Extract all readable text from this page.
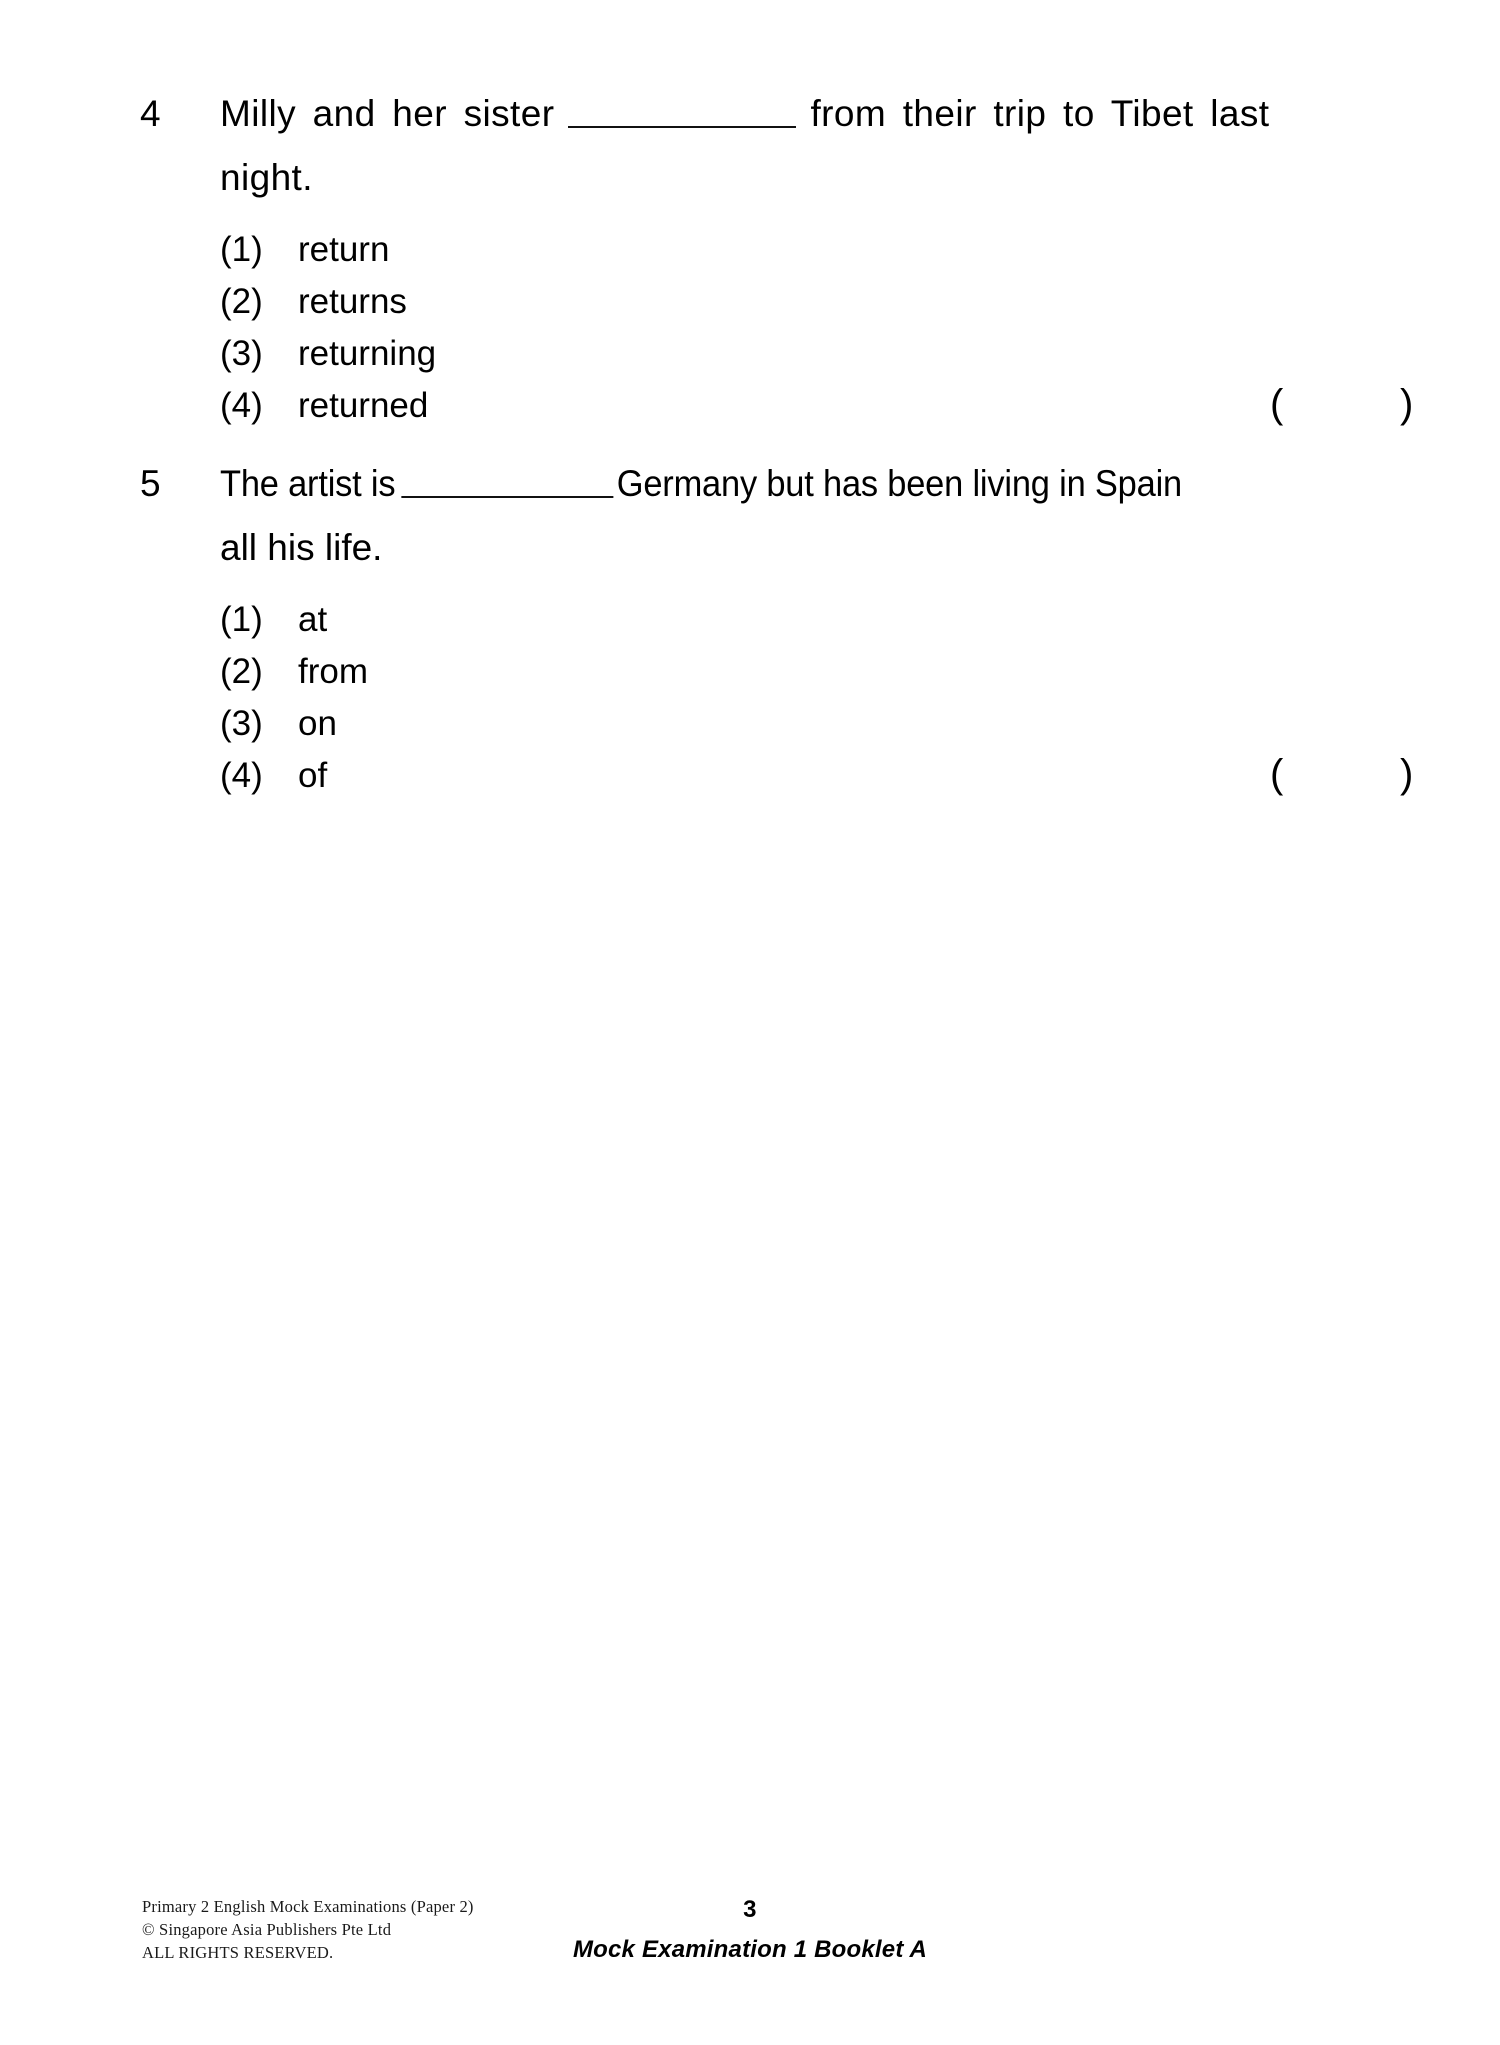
4	Milly and her sister	from their trip to Tibet last
night.
(1)	return
(2)	returns
(3)	returning
(4)	returned	(	)
5	The artist is	Germany but has been living in Spain
all his life.
(1)	at
(2)	from
(3)	on
(4)	of	(	)
Primary 2 English Mock Examinations (Paper 2)
© Singapore Asia Publishers Pte Ltd
ALL RIGHTS RESERVED.
3
Mock Examination 1 Booklet A
